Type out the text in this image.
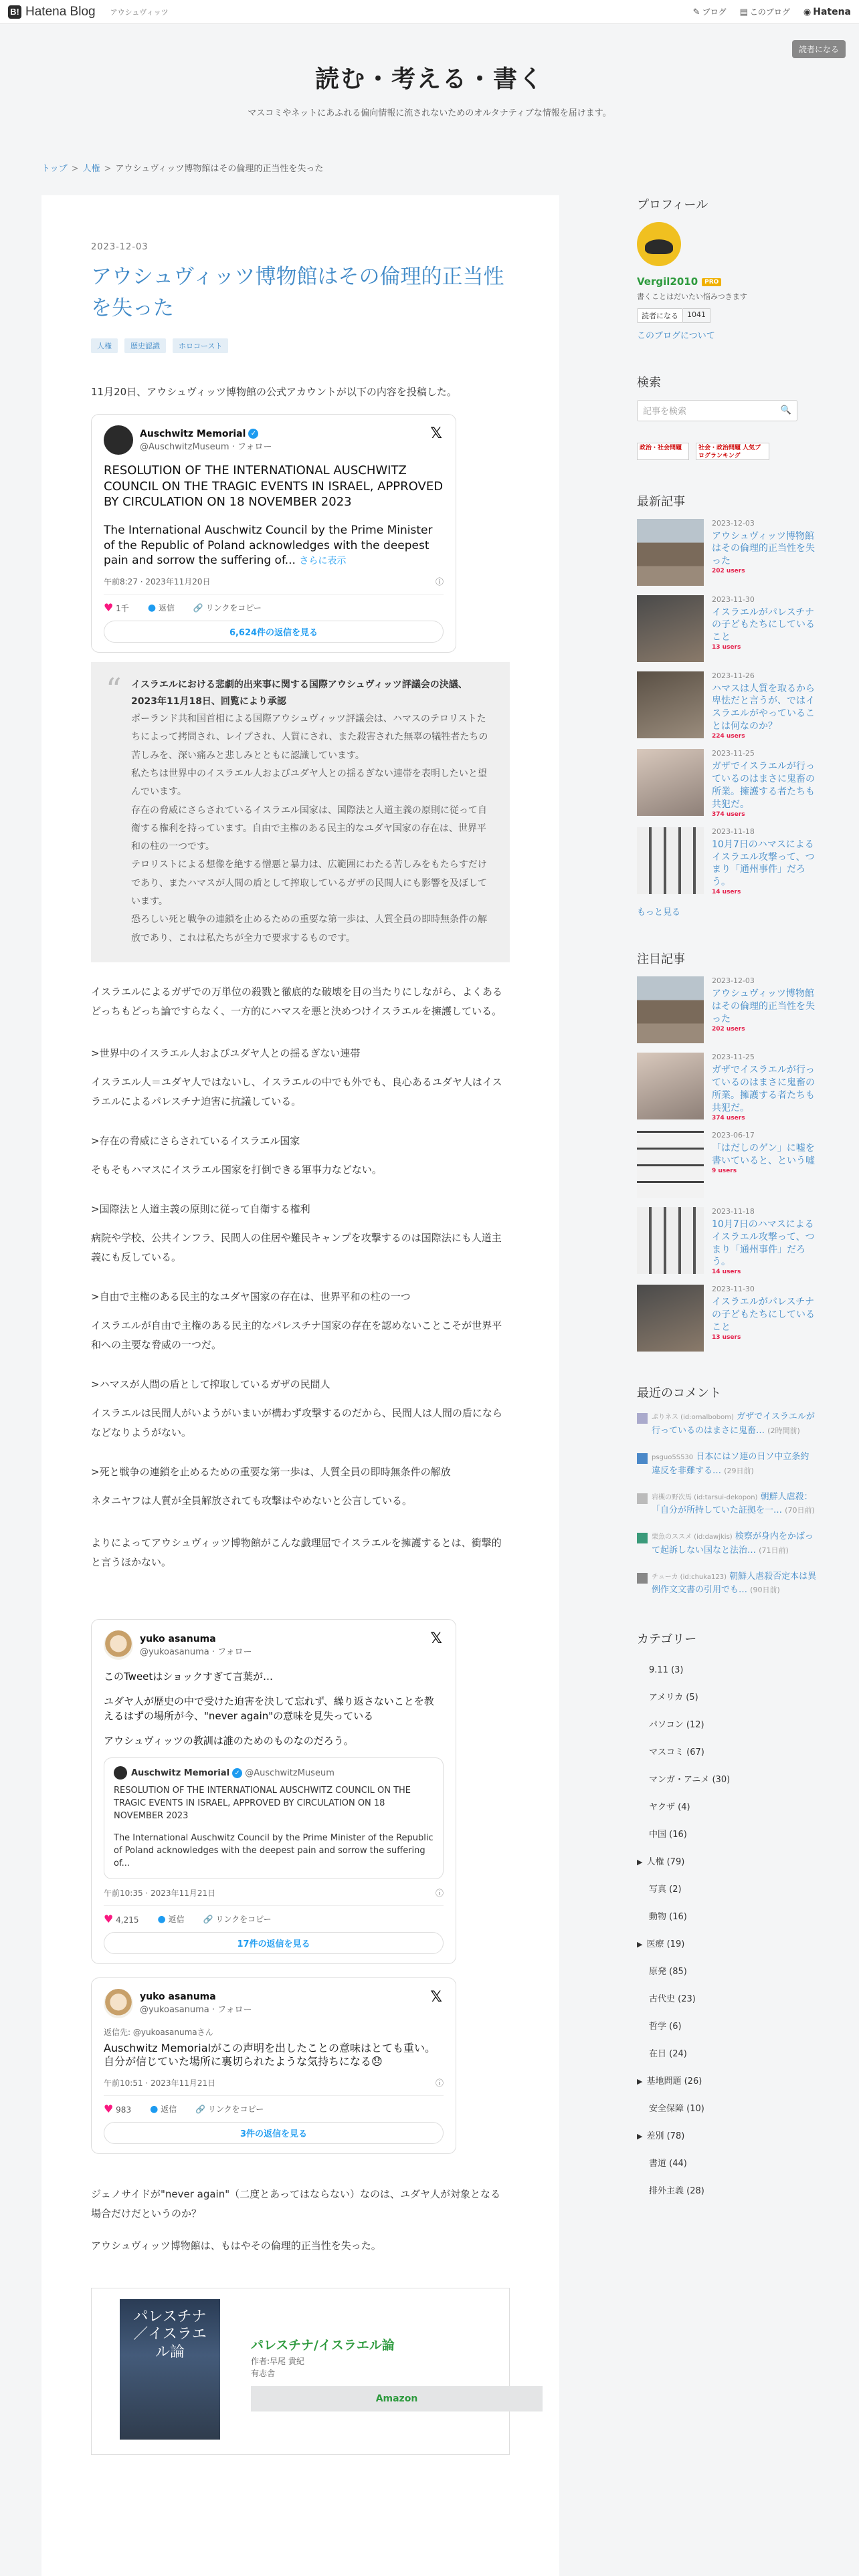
B! Hatena Blog アウシュヴィッツ	✎ ブログ ▤ このブログ ◉ Hatena
読者になる
読む・考える・書く
マスコミやネットにあふれる偏向情報に流されないためのオルタナティブな情報を届けます。
トップ > 人権 > アウシュヴィッツ博物館はその倫理的正当性を失った
2023-12-03
アウシュヴィッツ博物館はその倫理的正当性を失った
人権	歴史認識	ホロコースト

11月20日、アウシュヴィッツ博物館の公式アカウントが以下の内容を投稿した。

Auschwitz Memorial ✓
@AuschwitzMuseum · フォロー
𝕏
RESOLUTION OF THE INTERNATIONAL AUSCHWITZ COUNCIL ON THE TRAGIC EVENTS IN ISRAEL, APPROVED BY CIRCULATION ON 18 NOVEMBER 2023
The International Auschwitz Council by the Prime Minister of the Republic of Poland acknowledges with the deepest pain and sorrow the suffering of... さらに表示
午前8:27 · 2023年11月20日	ⓘ
♥ 1千 ● 返信 🔗 リンクをコピー
6,624件の返信を見る
“ イスラエルにおける悲劇的出来事に関する国際アウシュヴィッツ評議会の決議、2023年11月18日、回覧により承認
ポーランド共和国首相による国際アウシュヴィッツ評議会は、ハマスのテロリストたちによって拷問され、レイプされ、人質にされ、また殺害された無辜の犠牲者たちの苦しみを、深い痛みと悲しみとともに認識しています。
私たちは世界中のイスラエル人およびユダヤ人との揺るぎない連帯を表明したいと望んでいます。
存在の脅威にさらされているイスラエル国家は、国際法と人道主義の原則に従って自衛する権利を持っています。自由で主権のある民主的なユダヤ国家の存在は、世界平和の柱の一つです。
テロリストによる想像を絶する憎悪と暴力は、広範囲にわたる苦しみをもたらすだけであり、またハマスが人間の盾として搾取しているガザの民間人にも影響を及ぼしています。
恐ろしい死と戦争の連鎖を止めるための重要な第一歩は、人質全員の即時無条件の解放であり、これは私たちが全力で要求するものです。

イスラエルによるガザでの万単位の殺戮と徹底的な破壊を目の当たりにしながら、よくあるどっちもどっち論ですらなく、一方的にハマスを悪と決めつけイスラエルを擁護している。

>世界中のイスラエル人およびユダヤ人との揺るぎない連帯

イスラエル人＝ユダヤ人ではないし、イスラエルの中でも外でも、良心あるユダヤ人はイスラエルによるパレスチナ迫害に抗議している。

>存在の脅威にさらされているイスラエル国家

そもそもハマスにイスラエル国家を打倒できる軍事力などない。

>国際法と人道主義の原則に従って自衛する権利

病院や学校、公共インフラ、民間人の住居や難民キャンプを攻撃するのは国際法にも人道主義にも反している。

>自由で主権のある民主的なユダヤ国家の存在は、世界平和の柱の一つ

イスラエルが自由で主権のある民主的なパレスチナ国家の存在を認めないことこそが世界平和への主要な脅威の一つだ。

>ハマスが人間の盾として搾取しているガザの民間人

イスラエルは民間人がいようがいまいが構わず攻撃するのだから、民間人は人間の盾にならなどなりようがない。

>死と戦争の連鎖を止めるための重要な第一歩は、人質全員の即時無条件の解放

ネタニヤフは人質が全員解放されても攻撃はやめないと公言している。

よりによってアウシュヴィッツ博物館がこんな戯理屈でイスラエルを擁護するとは、衝撃的と言うほかない。

yuko asanuma
@yukoasanuma · フォロー
𝕏
このTweetはショックすぎて言葉が…
ユダヤ人が歴史の中で受けた迫害を決して忘れず、繰り返さないことを教えるはずの場所が今、"never again"の意味を見失っている
アウシュヴィッツの教訓は誰のためのものなのだろう。
Auschwitz Memorial ✓
@AuschwitzMuseum
RESOLUTION OF THE INTERNATIONAL AUSCHWITZ COUNCIL ON THE TRAGIC EVENTS IN ISRAEL, APPROVED BY CIRCULATION ON 18 NOVEMBER 2023
The International Auschwitz Council by the Prime Minister of the Republic of Poland acknowledges with the deepest pain and sorrow the suffering of...
午前10:35 · 2023年11月21日	ⓘ
♥ 4,215 ● 返信 🔗 リンクをコピー
17件の返信を見る
yuko asanuma
@yukoasanuma · フォロー
𝕏
返信先: @yukoasanumaさん
Auschwitz Memorialがこの声明を出したことの意味はとても重い。自分が信じていた場所に裏切られたような気持ちになる😞
午前10:51 · 2023年11月21日	ⓘ
♥ 983 ● 返信 🔗 リンクをコピー
3件の返信を見る

ジェノサイドが"never again"（二度とあってはならない）なのは、ユダヤ人が対象となる場合だけだというのか？

アウシュヴィッツ博物館は、もはやその倫理的正当性を失った。

パレスチナ／イスラエル論	パレスチナ/イスラエル論
作者:早尾 貴紀
有志舎
Amazon
プロフィール
Vergil2010 PRO
書くことはだいたい悩みつきます
読者になる	1041
このブログについて
検索
記事を検索	🔍
政治・社会問題	社会・政治問題 人気ブログランキング
最新記事
2023-12-03
アウシュヴィッツ博物館はその倫理的正当性を失った
202 users
2023-11-30
イスラエルがパレスチナの子どもたちにしていること
13 users
2023-11-26
ハマスは人質を取るから卑怯だと言うが、ではイスラエルがやっていることは何なのか？
224 users
2023-11-25
ガザでイスラエルが行っているのはまさに鬼畜の所業。擁護する者たちも共犯だ。
374 users
2023-11-18
10月7日のハマスによるイスラエル攻撃って、つまり「通州事件」だろう。
14 users
もっと見る
注目記事
2023-12-03
アウシュヴィッツ博物館はその倫理的正当性を失った
202 users
2023-11-25
ガザでイスラエルが行っているのはまさに鬼畜の所業。擁護する者たちも共犯だ。
374 users
2023-06-17
「はだしのゲン」に嘘を書いていると、という嘘
9 users
2023-11-18
10月7日のハマスによるイスラエル攻撃って、つまり「通州事件」だろう。
14 users
2023-11-30
イスラエルがパレスチナの子どもたちにしていること
13 users
最近のコメント
ぷりネス (id:omalbobom) ガザでイスラエルが行っているのはまさに鬼畜… (2時間前)
psguo5S530 日本にはソ連の日ソ中立条約違反を非難する… (29日前)
岩槻の野次馬 (id:tarsui-dekopon) 朝鮮人虐殺：「自分が所持していた証拠を一… (70日前)
栗魚のススメ (id:dawjkis) 検察が身内をかばって起訴しない国なと法治… (71日前)
チューカ (id:chuka123) 朝鮮人虐殺否定本は異例作文文書の引用でも… (90日前)
カテゴリー
9.11 (3)
アメリカ (5)
パソコン (12)
マスコミ (67)
マンガ・アニメ (30)
ヤクザ (4)
中国 (16)
▶ 人権 (79)
写真 (2)
動物 (16)
▶ 医療 (19)
原発 (85)
古代史 (23)
哲学 (6)
在日 (24)
▶ 基地問題 (26)
安全保障 (10)
▶ 差別 (78)
書道 (44)
排外主義 (28)
